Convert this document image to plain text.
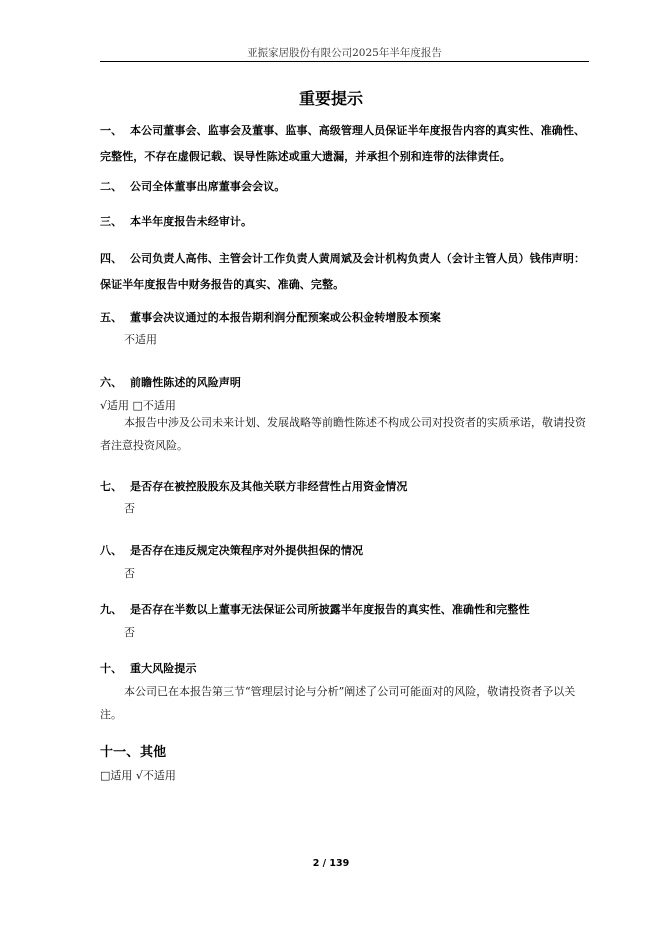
亚振家居股份有限公司2025年半年度报告
重要提示
一、 本公司董事会、监事会及董事、监事、高级管理人员保证半年度报告内容的真实性、准确性、完整性，不存在虚假记载、误导性陈述或重大遗漏，并承担个别和连带的法律责任。
二、 公司全体董事出席董事会会议。
三、 本半年度报告未经审计。
四、 公司负责人高伟、主管会计工作负责人黄周斌及会计机构负责人（会计主管人员）钱伟声明：保证半年度报告中财务报告的真实、准确、完整。
五、 董事会决议通过的本报告期利润分配预案或公积金转增股本预案
不适用
六、 前瞻性陈述的风险声明
√适用 □不适用
本报告中涉及公司未来计划、发展战略等前瞻性陈述不构成公司对投资者的实质承诺，敬请投资者注意投资风险。
七、 是否存在被控股股东及其他关联方非经营性占用资金情况
否
八、 是否存在违反规定决策程序对外提供担保的情况
否
九、 是否存在半数以上董事无法保证公司所披露半年度报告的真实性、准确性和完整性
否
十、 重大风险提示
本公司已在本报告第三节“管理层讨论与分析”阐述了公司可能面对的风险，敬请投资者予以关注。
十一、其他
□适用 √不适用
2 / 139
